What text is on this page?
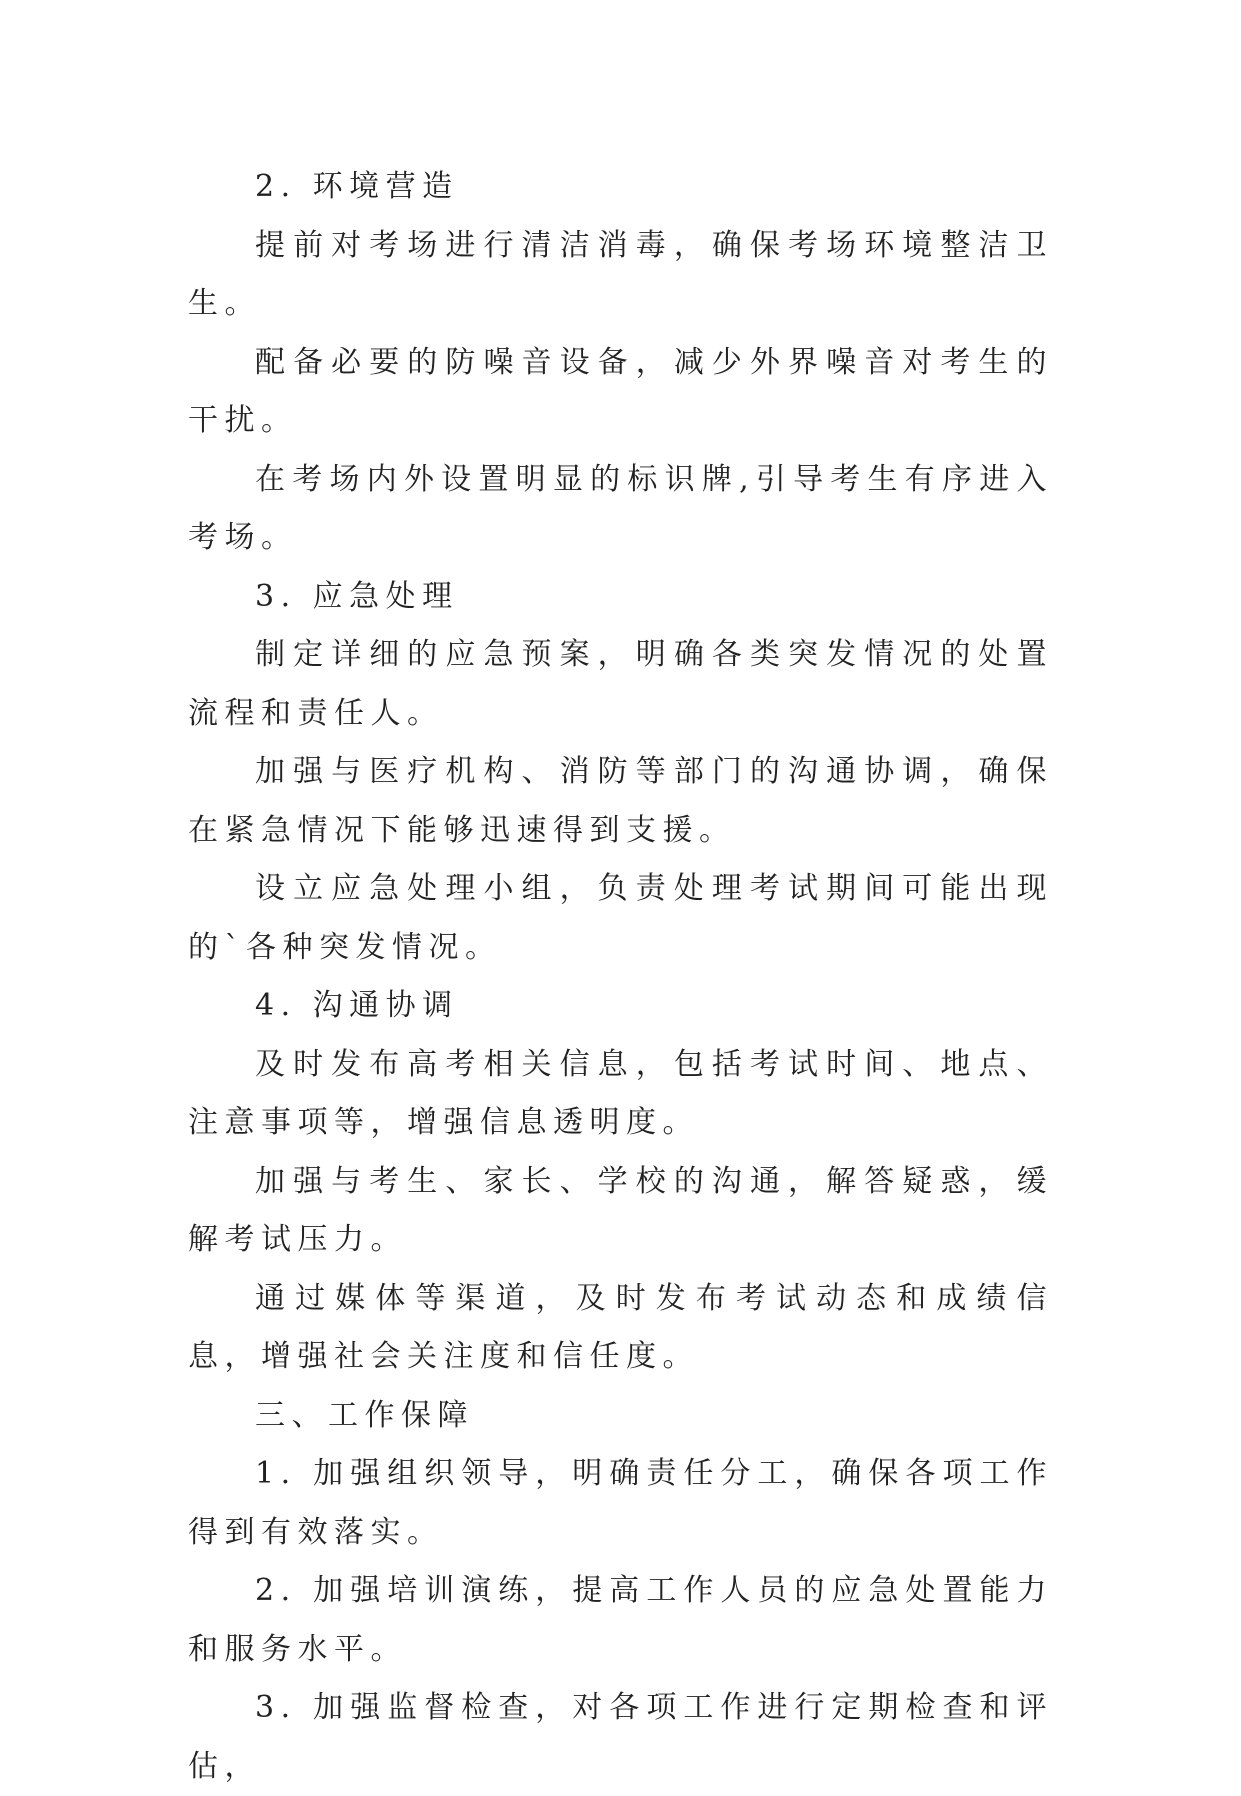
2. 环境营造

提前对考场进行清洁消毒，确保考场环境整洁卫生。

配备必要的防噪音设备，减少外界噪音对考生的干扰。

在考场内外设置明显的标识牌,引导考生有序进入考场。

3. 应急处理

制定详细的应急预案，明确各类突发情况的处置流程和责任人。

加强与医疗机构、消防等部门的沟通协调，确保在紧急情况下能够迅速得到支援。

设立应急处理小组，负责处理考试期间可能出现的`各种突发情况。

4. 沟通协调

及时发布高考相关信息，包括考试时间、地点、注意事项等，增强信息透明度。

加强与考生、家长、学校的沟通，解答疑惑，缓解考试压力。

通过媒体等渠道，及时发布考试动态和成绩信息，增强社会关注度和信任度。

三、工作保障

1. 加强组织领导，明确责任分工，确保各项工作得到有效落实。

2. 加强培训演练，提高工作人员的应急处置能力和服务水平。

3. 加强监督检查，对各项工作进行定期检查和评估，
